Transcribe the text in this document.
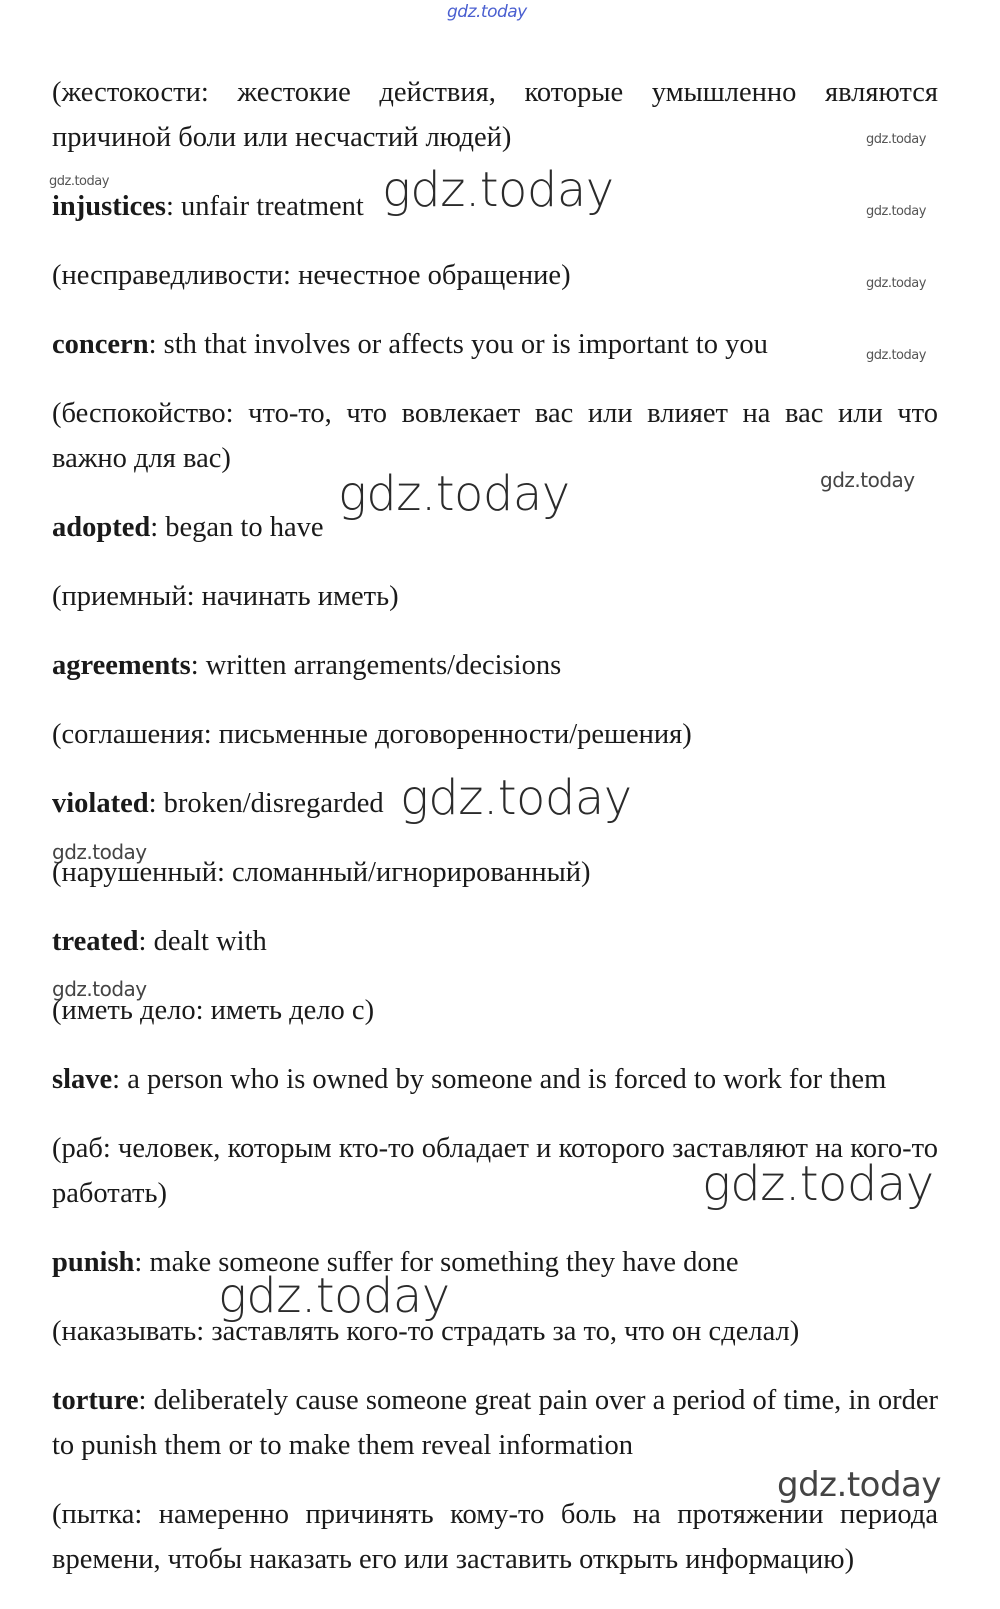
gdz.today
gdz.today
gdz.today	gdz.today	gdz.today
gdz.today
gdz.today
gdz.today
gdz.today
gdz.today
gdz.today
gdz.today
gdz.today
gdz.today
gdz.today

(жестокости: жестокие действия, которые умышленно являются причиной боли или несчастий людей)

injustices: unfair treatment

(несправедливости: нечестное обращение)

concern: sth that involves or affects you or is important to you

(беспокойство: что-то, что вовлекает вас или влияет на вас или что важно для вас)

adopted: began to have

(приемный: начинать иметь)

agreements: written arrangements/decisions

(соглашения: письменные договоренности/решения)

violated: broken/disregarded

(нарушенный: сломанный/игнорированный)

treated: dealt with

(иметь дело: иметь дело с)

slave: a person who is owned by someone and is forced to work for them

(раб: человек, которым кто-то обладает и которого заставляют на кого-то работать)

punish: make someone suffer for something they have done

(наказывать: заставлять кого-то страдать за то, что он сделал)

torture: deliberately cause someone great pain over a period of time, in order to punish them or to make them reveal information

(пытка: намеренно причинять кому-то боль на протяжении периода времени, чтобы наказать его или заставить открыть информацию)
